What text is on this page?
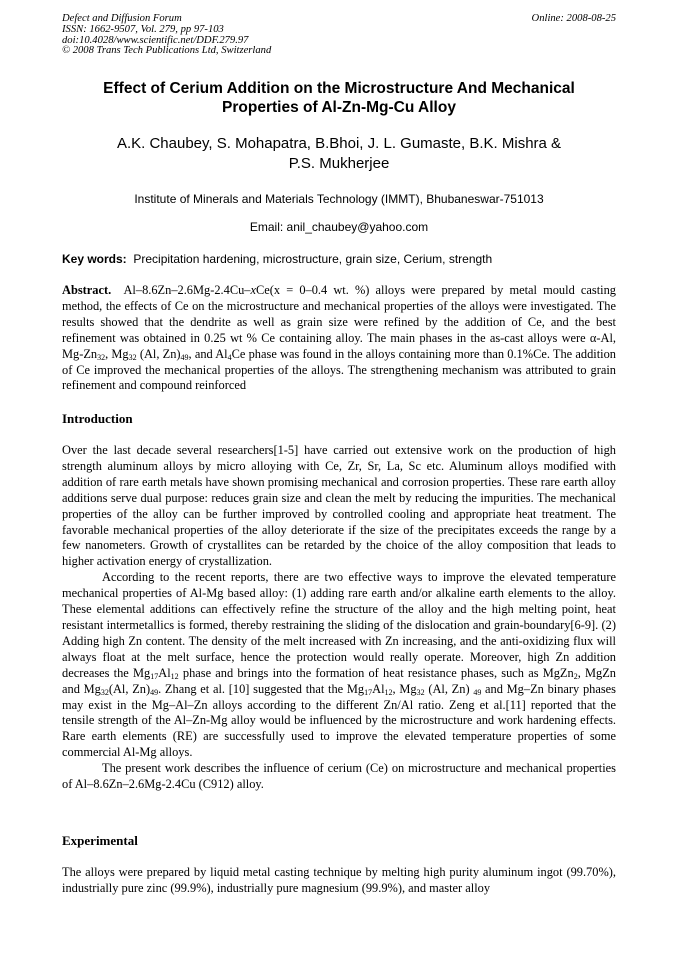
Defect and Diffusion Forum
ISSN: 1662-9507, Vol. 279, pp 97-103
doi:10.4028/www.scientific.net/DDF.279.97
© 2008 Trans Tech Publications Ltd, Switzerland
Online: 2008-08-25
Effect of Cerium Addition on the Microstructure And Mechanical
Properties of Al-Zn-Mg-Cu Alloy
A.K. Chaubey, S. Mohapatra, B.Bhoi, J. L. Gumaste, B.K. Mishra &
P.S. Mukherjee
Institute of Minerals and Materials Technology (IMMT), Bhubaneswar-751013
Email: anil_chaubey@yahoo.com
Key words: Precipitation hardening, microstructure, grain size, Cerium, strength

Abstract. Al–8.6Zn–2.6Mg-2.4Cu–xCe(x = 0–0.4 wt. %) alloys were prepared by metal mould casting method, the effects of Ce on the microstructure and mechanical properties of the alloys were investigated. The results showed that the dendrite as well as grain size were refined by the addition of Ce, and the best refinement was obtained in 0.25 wt % Ce containing alloy. The main phases in the as-cast alloys were α-Al, $Mg-Zn_{32}$, $Mg_{32}$ (Al, $Zn)_{49}$, and $Al_4Ce$ phase was found in the alloys containing more than 0.1%Ce. The addition of Ce improved the mechanical properties of the alloys. The strengthening mechanism was attributed to grain refinement and compound reinforced

Introduction

Over the last decade several researchers[1-5] have carried out extensive work on the production of high strength aluminum alloys by micro alloying with Ce, Zr, Sr, La, Sc etc. Aluminum alloys modified with addition of rare earth metals have shown promising mechanical and corrosion properties. These rare earth alloy additions serve dual purpose: reduces grain size and clean the melt by reducing the impurities. The mechanical properties of the alloy can be further improved by controlled cooling and appropriate heat treatment. The favorable mechanical properties of the alloy deteriorate if the size of the precipitates exceeds the range by a few nanometers. Growth of crystallites can be retarded by the choice of the alloy composition that leads to higher activation energy of crystallization.

According to the recent reports, there are two effective ways to improve the elevated temperature mechanical properties of Al-Mg based alloy: (1) adding rare earth and/or alkaline earth elements to the alloy. These elemental additions can effectively refine the structure of the alloy and the high melting point, heat resistant intermetallics is formed, thereby restraining the sliding of the dislocation and grain-boundary[6-9]. (2) Adding high Zn content. The density of the melt increased with Zn increasing, and the anti-oxidizing flux will always float at the melt surface, hence the protection would really operate. Moreover, high Zn addition decreases the $Mg_{17}Al_{12}$ phase and brings into the formation of heat resistance phases, such as MgZn$_2$, MgZn and $Mg_{32}(Al$, $Zn)_{49}$. Zhang et al. [10] suggested that the $Mg_{17}Al_{12}$, $Mg_{32}$ (Al, Zn) $_{49}$ and Mg–Zn binary phases may exist in the Mg–Al–Zn alloys according to the different Zn/Al ratio. Zeng et al.[11] reported that the tensile strength of the Al–Zn-Mg alloy would be influenced by the microstructure and work hardening effects. Rare earth elements (RE) are successfully used to improve the elevated temperature properties of some commercial Al-Mg alloys.

The present work describes the influence of cerium (Ce) on microstructure and mechanical properties of Al–8.6Zn–2.6Mg-2.4Cu (C912) alloy.

Experimental

The alloys were prepared by liquid metal casting technique by melting high purity aluminum ingot (99.70%), industrially pure zinc (99.9%), industrially pure magnesium (99.9%), and master alloy
